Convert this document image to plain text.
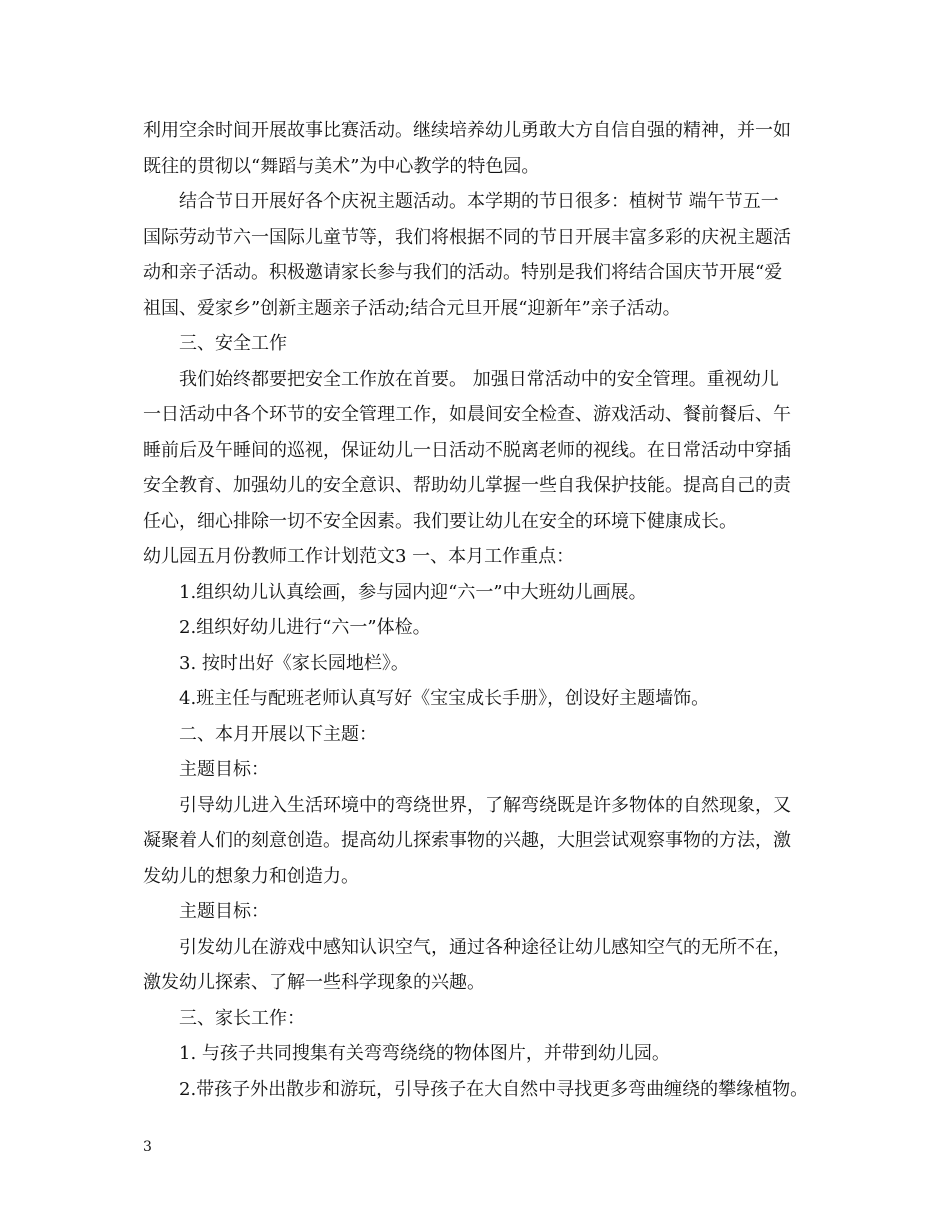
利用空余时间开展故事比赛活动。继续培养幼儿勇敢大方自信自强的精神，并一如
既往的贯彻以“舞蹈与美术”为中心教学的特色园。
结合节日开展好各个庆祝主题活动。本学期的节日很多：植树节 端午节五一
国际劳动节六一国际儿童节等，我们将根据不同的节日开展丰富多彩的庆祝主题活
动和亲子活动。积极邀请家长参与我们的活动。特别是我们将结合国庆节开展“爱
祖国、爱家乡”创新主题亲子活动;结合元旦开展“迎新年”亲子活动。
三、安全工作
我们始终都要把安全工作放在首要。 加强日常活动中的安全管理。重视幼儿
一日活动中各个环节的安全管理工作，如晨间安全检查、游戏活动、餐前餐后、午
睡前后及午睡间的巡视，保证幼儿一日活动不脱离老师的视线。在日常活动中穿插
安全教育、加强幼儿的安全意识、帮助幼儿掌握一些自我保护技能。提高自己的责
任心，细心排除一切不安全因素。我们要让幼儿在安全的环境下健康成长。
幼儿园五月份教师工作计划范文3 一、本月工作重点：
1.组织幼儿认真绘画，参与园内迎“六一”中大班幼儿画展。
2.组织好幼儿进行“六一”体检。
3. 按时出好《家长园地栏》。
4.班主任与配班老师认真写好《宝宝成长手册》，创设好主题墙饰。
二、本月开展以下主题：
主题目标：
引导幼儿进入生活环境中的弯绕世界，了解弯绕既是许多物体的自然现象，又
凝聚着人们的刻意创造。提高幼儿探索事物的兴趣，大胆尝试观察事物的方法，激
发幼儿的想象力和创造力。
主题目标：
引发幼儿在游戏中感知认识空气，通过各种途径让幼儿感知空气的无所不在，
激发幼儿探索、了解一些科学现象的兴趣。
三、家长工作：
1. 与孩子共同搜集有关弯弯绕绕的物体图片，并带到幼儿园。
2.带孩子外出散步和游玩，引导孩子在大自然中寻找更多弯曲缠绕的攀缘植物。
3
